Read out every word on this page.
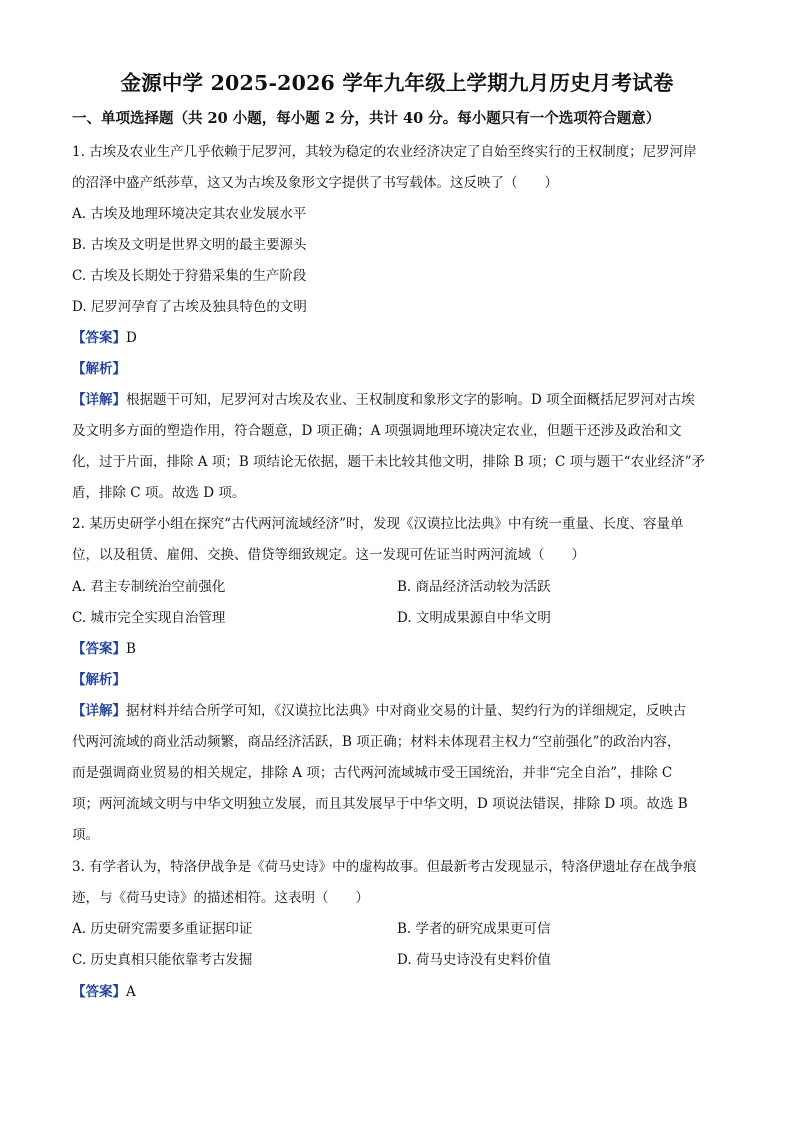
金源中学 2025-2026 学年九年级上学期九月历史月考试卷
一、单项选择题（共 20 小题，每小题 2 分，共计 40 分。每小题只有一个选项符合题意）
1. 古埃及农业生产几乎依赖于尼罗河，其较为稳定的农业经济决定了自始至终实行的王权制度；尼罗河岸
的沼泽中盛产纸莎草，这又为古埃及象形文字提供了书写载体。这反映了（　　）
A. 古埃及地理环境决定其农业发展水平
B. 古埃及文明是世界文明的最主要源头
C. 古埃及长期处于狩猎采集的生产阶段
D. 尼罗河孕育了古埃及独具特色的文明
【答案】D
【解析】
【详解】根据题干可知，尼罗河对古埃及农业、王权制度和象形文字的影响。D 项全面概括尼罗河对古埃
及文明多方面的塑造作用，符合题意，D 项正确；A 项强调地理环境决定农业，但题干还涉及政治和文
化，过于片面，排除 A 项；B 项结论无依据，题干未比较其他文明，排除 B 项；C 项与题干“农业经济”矛
盾，排除 C 项。故选 D 项。
2. 某历史研学小组在探究“古代两河流域经济”时，发现《汉谟拉比法典》中有统一重量、长度、容量单
位，以及租赁、雇佣、交换、借贷等细致规定。这一发现可佐证当时两河流域（　　）
A. 君主专制统治空前强化	B. 商品经济活动较为活跃
C. 城市完全实现自治管理	D. 文明成果源自中华文明
【答案】B
【解析】
【详解】据材料并结合所学可知，《汉谟拉比法典》中对商业交易的计量、契约行为的详细规定，反映古
代两河流域的商业活动频繁，商品经济活跃，B 项正确；材料未体现君主权力“空前强化”的政治内容，
而是强调商业贸易的相关规定，排除 A 项；古代两河流域城市受王国统治，并非“完全自治”，排除 C
项；两河流域文明与中华文明独立发展，而且其发展早于中华文明，D 项说法错误，排除 D 项。故选 B
项。
3. 有学者认为，特洛伊战争是《荷马史诗》中的虚构故事。但最新考古发现显示，特洛伊遗址存在战争痕
迹，与《荷马史诗》的描述相符。这表明（　　）
A. 历史研究需要多重证据印证	B. 学者的研究成果更可信
C. 历史真相只能依靠考古发掘	D. 荷马史诗没有史料价值
【答案】A
